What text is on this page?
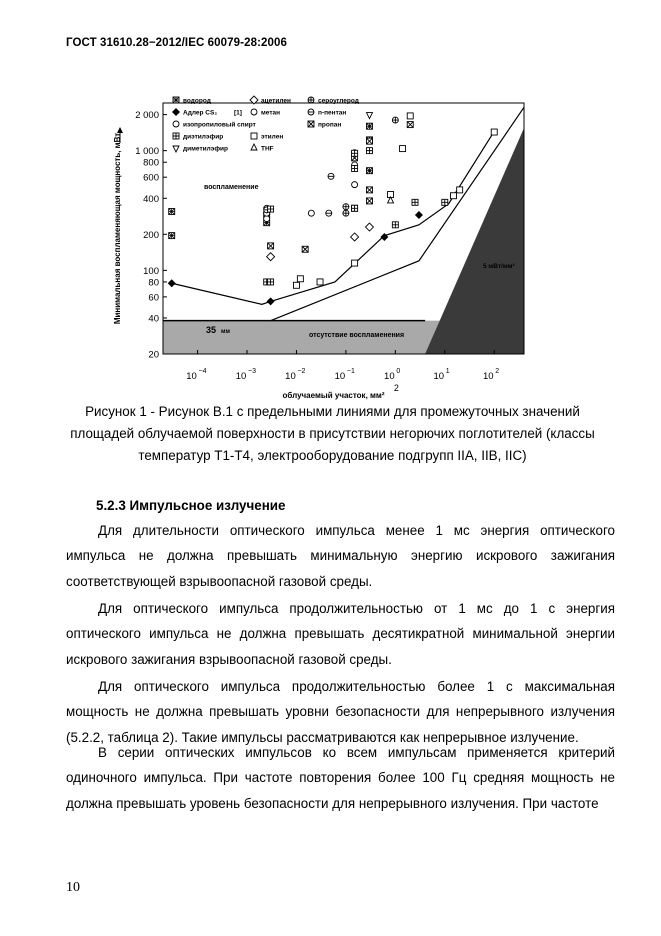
ГОСТ 31610.28−2012/IEC 60079-28:2006
2 000
1 000
800
600
400
200
100
80
60
40
20
10 −4	10 −3	10 −2	10 −1	10 0	10 1	10 2
2
облучаемый участок, мм²
Минимальная воспламеняющая мощность, мВт	воспламенение
отсутствие воспламенения
35 мм
5 мВт/мм²
водород	ацетилен	сероуглерод
Адлер CS₂	[1]	метан	n-пентан
изопропиловый спирт	пропан
диэтилэфир	этилен
диметилэфир	THF
Рисунок 1 - Рисунок В.1 с предельными линиями для промежуточных значений
площадей облучаемой поверхности в присутствии негорючих поглотителей (классы
температур Т1-Т4, электрооборудование подгрупп IIA, IIB, IIC)
5.2.3 Импульсное излучение
Для длительности оптического импульса менее 1 мс энергия оптического импульса не должна превышать минимальную энергию искрового зажигания соответствующей взрывоопасной газовой среды.
Для оптического импульса продолжительностью от 1 мс до 1 с энергия оптического импульса не должна превышать десятикратной минимальной энергии искрового зажигания взрывоопасной газовой среды.
Для оптического импульса продолжительностью более 1 с максимальная мощность не должна превышать уровни безопасности для непрерывного излучения (5.2.2, таблица 2). Такие импульсы рассматриваются как непрерывное излучение.
В серии оптических импульсов ко всем импульсам применяется критерий одиночного импульса. При частоте повторения более 100 Гц средняя мощность не должна превышать уровень безопасности для непрерывного излучения. При частоте
10
